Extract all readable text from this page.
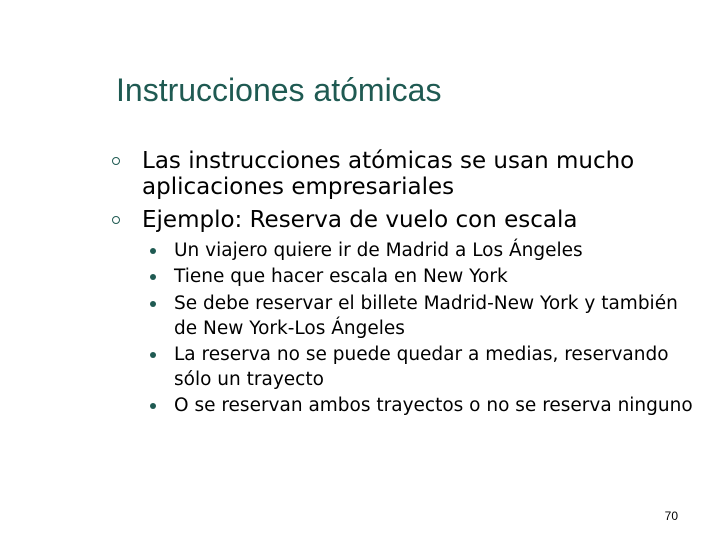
Instrucciones atómicas
Las instrucciones atómicas se usan mucho aplicaciones empresariales
Ejemplo: Reserva de vuelo con escala
Un viajero quiere ir de Madrid a Los Ángeles
Tiene que hacer escala en New York
Se debe reservar el billete Madrid-New York y también de New York-Los Ángeles
La reserva no se puede quedar a medias, reservando sólo un trayecto
O se reservan ambos trayectos o no se reserva ninguno
70
